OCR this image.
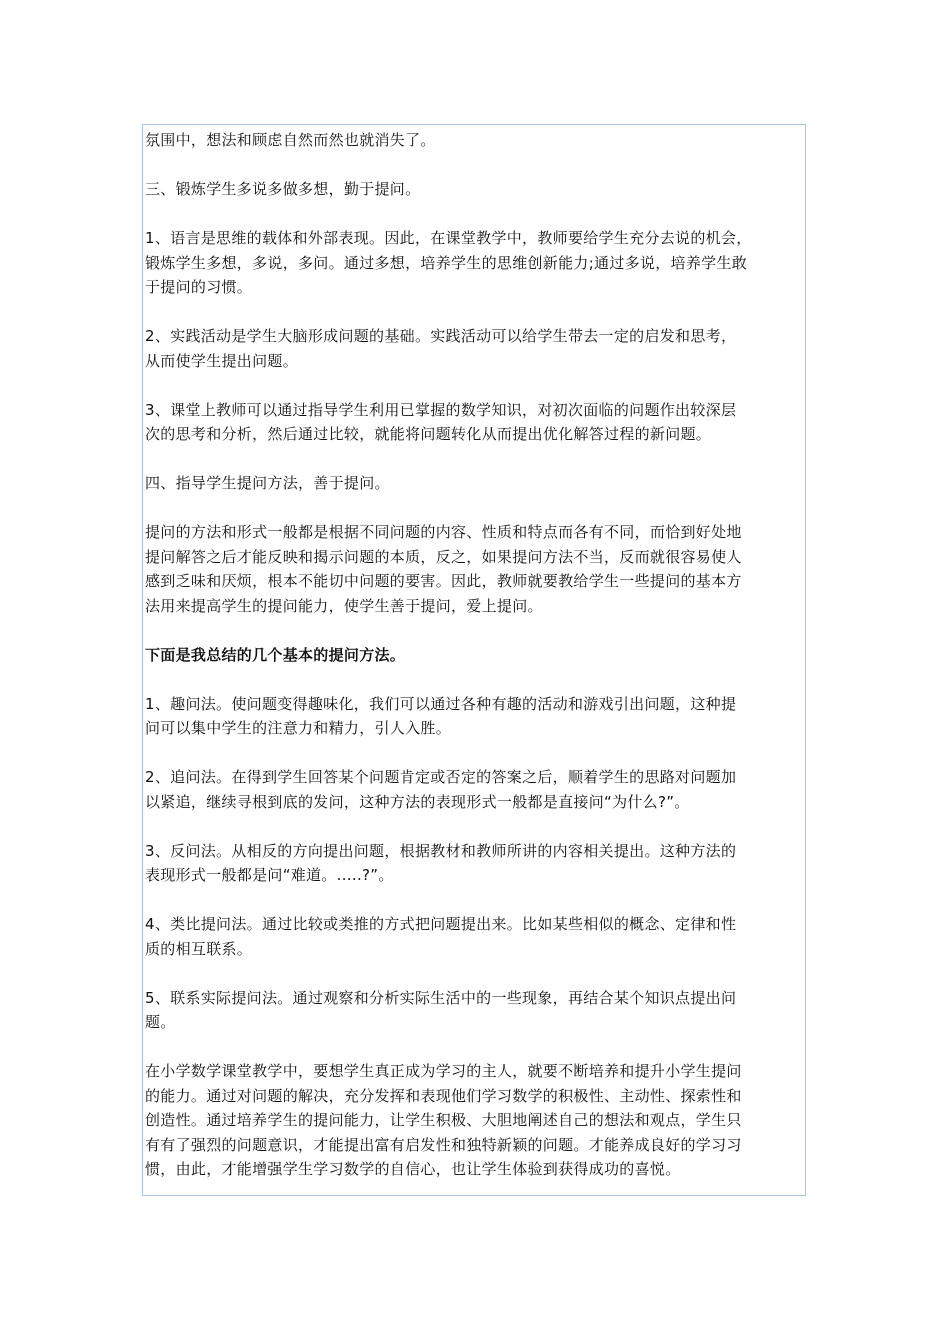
氛围中，想法和顾虑自然而然也就消失了。

三、锻炼学生多说多做多想，勤于提问。

1、语言是思维的载体和外部表现。因此，在课堂教学中，教师要给学生充分去说的机会，
锻炼学生多想，多说，多问。通过多想，培养学生的思维创新能力;通过多说，培养学生敢
于提问的习惯。

2、实践活动是学生大脑形成问题的基础。实践活动可以给学生带去一定的启发和思考，
从而使学生提出问题。

3、课堂上教师可以通过指导学生利用已掌握的数学知识，对初次面临的问题作出较深层
次的思考和分析，然后通过比较，就能将问题转化从而提出优化解答过程的新问题。

四、指导学生提问方法，善于提问。

提问的方法和形式一般都是根据不同问题的内容、性质和特点而各有不同，而恰到好处地
提问解答之后才能反映和揭示问题的本质，反之，如果提问方法不当，反而就很容易使人
感到乏味和厌烦，根本不能切中问题的要害。因此，教师就要教给学生一些提问的基本方
法用来提高学生的提问能力，使学生善于提问，爱上提问。

下面是我总结的几个基本的提问方法。

1、趣问法。使问题变得趣味化，我们可以通过各种有趣的活动和游戏引出问题，这种提
问可以集中学生的注意力和精力，引人入胜。

2、追问法。在得到学生回答某个问题肯定或否定的答案之后，顺着学生的思路对问题加
以紧追，继续寻根到底的发问，这种方法的表现形式一般都是直接问“为什么?”。

3、反问法。从相反的方向提出问题，根据教材和教师所讲的内容相关提出。这种方法的
表现形式一般都是问“难道。.....?”。

4、类比提问法。通过比较或类推的方式把问题提出来。比如某些相似的概念、定律和性
质的相互联系。

5、联系实际提问法。通过观察和分析实际生活中的一些现象，再结合某个知识点提出问
题。

在小学数学课堂教学中，要想学生真正成为学习的主人，就要不断培养和提升小学生提问
的能力。通过对问题的解决，充分发挥和表现他们学习数学的积极性、主动性、探索性和
创造性。通过培养学生的提问能力，让学生积极、大胆地阐述自己的想法和观点，学生只
有有了强烈的问题意识，才能提出富有启发性和独特新颖的问题。才能养成良好的学习习
惯，由此，才能增强学生学习数学的自信心，也让学生体验到获得成功的喜悦。
